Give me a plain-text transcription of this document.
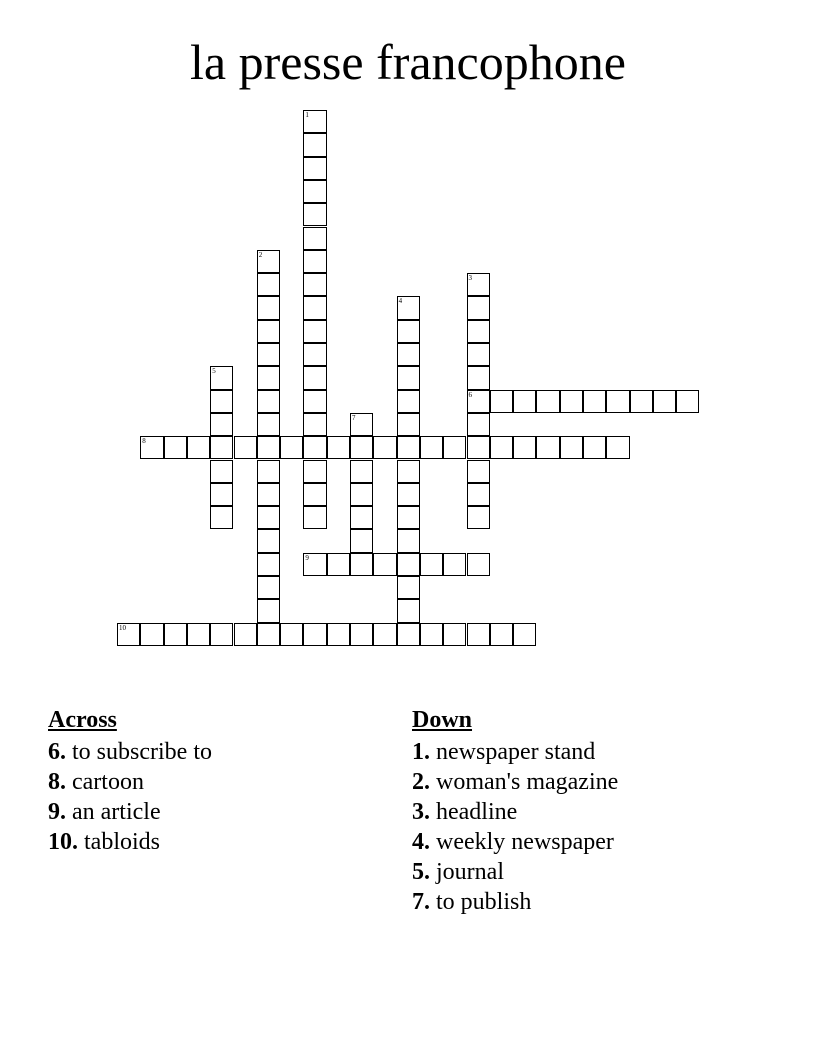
la presse francophone
1
2
3
6
4
5
7
8
9
10
Across
6. to subscribe to
8. cartoon
9. an article
10. tabloids
Down
1. newspaper stand
2. woman's magazine
3. headline
4. weekly newspaper
5. journal
7. to publish
